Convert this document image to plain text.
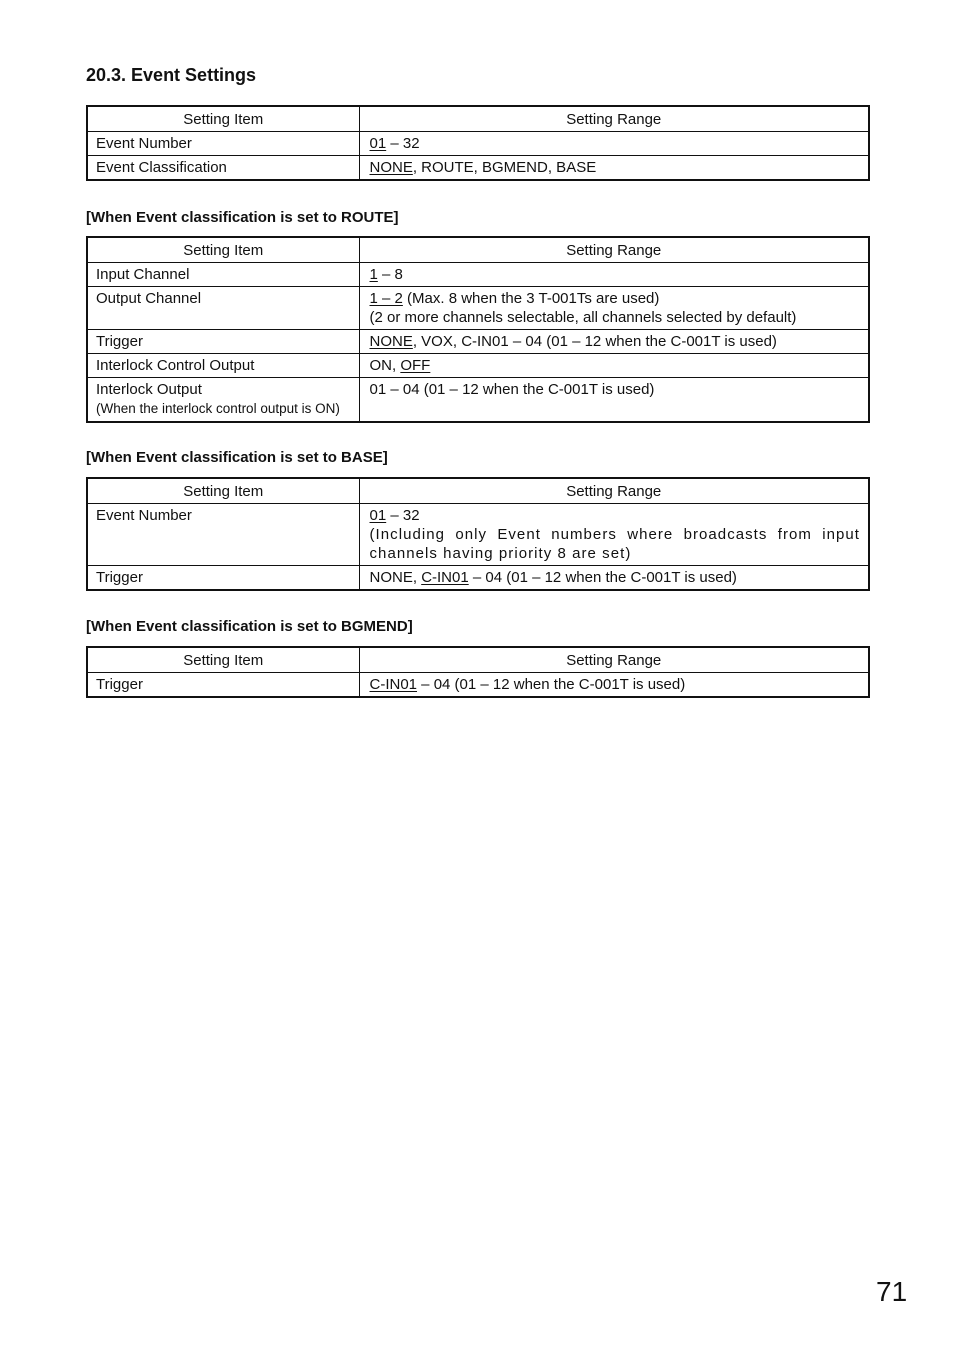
20.3. Event Settings
Setting Item	Setting Range
Event Number	01 – 32
Event Classification	NONE, ROUTE, BGMEND, BASE

[When Event classification is set to ROUTE]

Setting Item	Setting Range
Input Channel	1 – 8
Output Channel	1 – 2 (Max. 8 when the 3 T-001Ts are used)
(2 or more channels selectable, all channels selected by default)
Trigger	NONE, VOX, C-IN01 – 04 (01 – 12 when the C-001T is used)
Interlock Control Output	ON, OFF
Interlock Output
(When the interlock control output is ON)	01 – 04 (01 – 12 when the C-001T is used)

[When Event classification is set to BASE]

Setting Item	Setting Range
Event Number	01 – 32
(Including only Event numbers where broadcasts from input channels having priority 8 are set)
Trigger	NONE, C-IN01 – 04 (01 – 12 when the C-001T is used)

[When Event classification is set to BGMEND]

Setting Item	Setting Range
Trigger	C-IN01 – 04 (01 – 12 when the C-001T is used)

71
